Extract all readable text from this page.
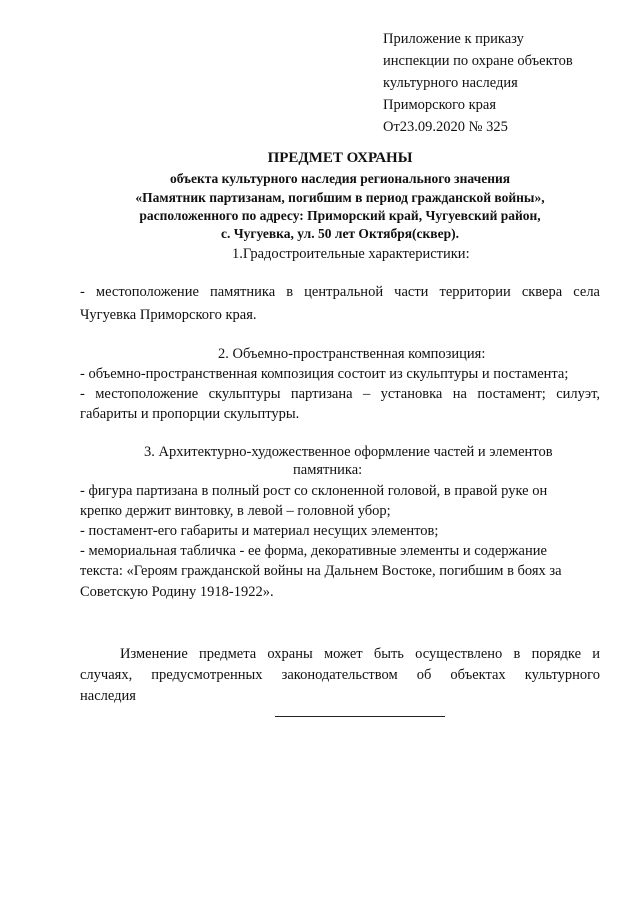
Приложение к приказу
инспекции по охране объектов
культурного наследия
Приморского края
От23.09.2020 № 325
ПРЕДМЕТ ОХРАНЫ
объекта культурного наследия регионального значения
«Памятник партизанам, погибшим в период гражданской войны»,
расположенного по адресу: Приморский край, Чугуевский район,
с. Чугуевка, ул. 50 лет Октября(сквер).
1.Градостроительные характеристики:
- местоположение памятника в центральной части территории сквера села
Чугуевка Приморского края.
2. Объемно-пространственная композиция:
- объемно-пространственная композиция состоит из скульптуры и постамента;
- местоположение скульптуры партизана – установка на постамент; силуэт,
габариты и пропорции скульптуры.
3. Архитектурно-художественное оформление частей и элементов
памятника:
- фигура партизана в полный рост со склоненной головой, в правой руке он
крепко держит винтовку, в левой – головной убор;
- постамент-его габариты и материал несущих элементов;
- мемориальная табличка - ее форма, декоративные элементы и содержание
текста: «Героям гражданской войны на Дальнем Востоке, погибшим в боях за
Советскую Родину 1918-1922».
Изменение предмета охраны может быть осуществлено в порядке и
случаях, предусмотренных законодательством об объектах культурного
наследия
